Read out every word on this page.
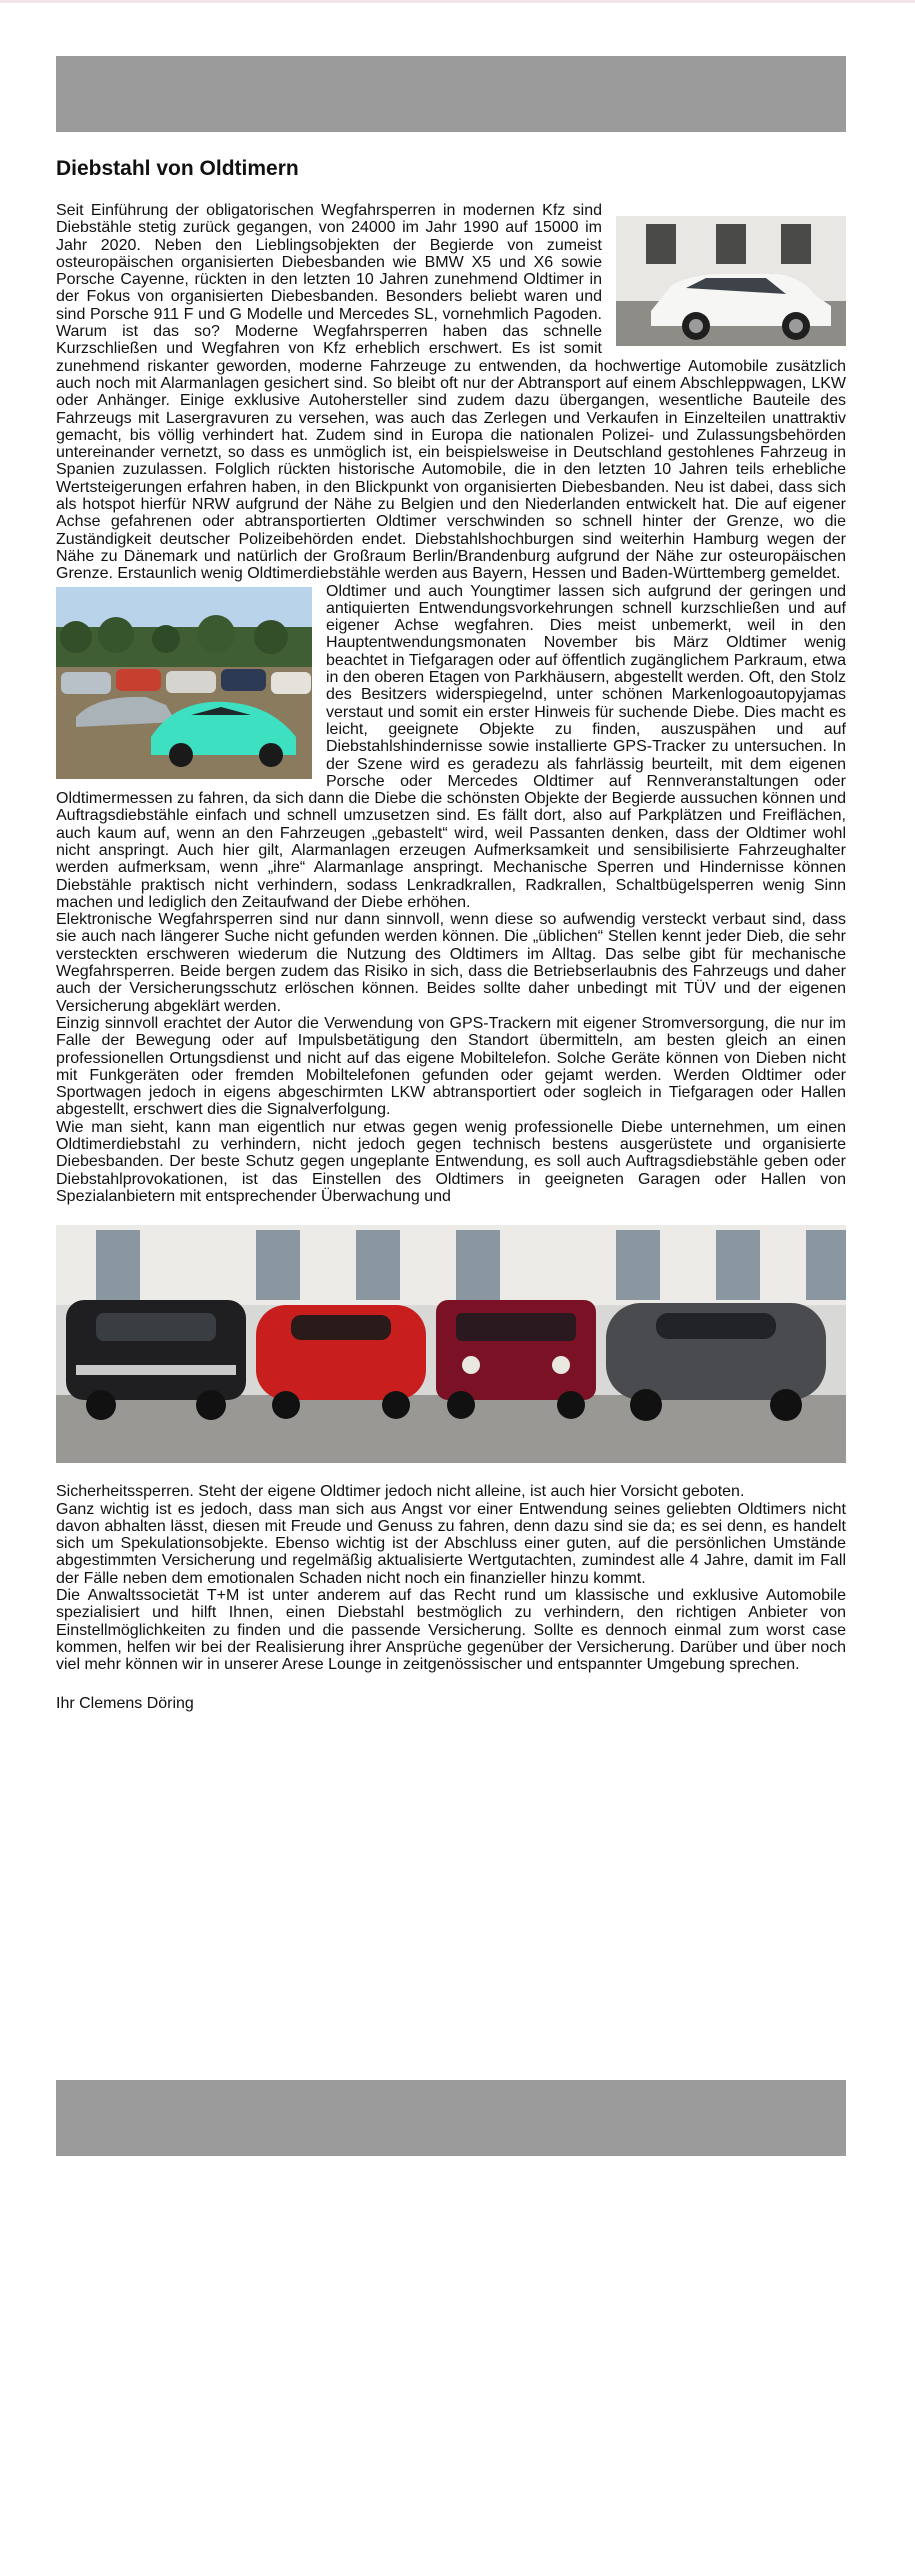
Diebstahl von Oldtimern

Seit Einführung der obligatorischen Wegfahrsperren in modernen Kfz sind Diebstähle stetig zurück gegangen, von 24000 im Jahr 1990 auf 15000 im Jahr 2020. Neben den Lieblingsobjekten der Begierde von zumeist osteuropäischen organisierten Diebesbanden wie BMW X5 und X6 sowie Porsche Cayenne, rückten in den letzten 10 Jahren zunehmend Oldtimer in der Fokus von organisierten Diebesbanden. Besonders beliebt waren und sind Porsche 911 F und G Modelle und Mercedes SL, vornehmlich Pagoden. Warum ist das so? Moderne Wegfahrsperren haben das schnelle Kurzschließen und Wegfahren von Kfz erheblich erschwert. Es ist somit zunehmend riskanter geworden, moderne Fahrzeuge zu entwenden, da hochwertige Automobile zusätzlich auch noch mit Alarmanlagen gesichert sind. So bleibt oft nur der Abtransport auf einem Abschleppwagen, LKW oder Anhänger. Einige exklusive Autohersteller sind zudem dazu übergangen, wesentliche Bauteile des Fahrzeugs mit Lasergravuren zu versehen, was auch das Zerlegen und Verkaufen in Einzelteilen unattraktiv gemacht, bis völlig verhindert hat. Zudem sind in Europa die nationalen Polizei- und Zulassungsbehörden untereinander vernetzt, so dass es unmöglich ist, ein beispielsweise in Deutschland gestohlenes Fahrzeug in Spanien zuzulassen. Folglich rückten historische Automobile, die in den letzten 10 Jahren teils erhebliche Wertsteigerungen erfahren haben, in den Blickpunkt von organisierten Diebesbanden. Neu ist dabei, dass sich als hotspot hierfür NRW aufgrund der Nähe zu Belgien und den Niederlanden entwickelt hat. Die auf eigener Achse gefahrenen oder abtransportierten Oldtimer verschwinden so schnell hinter der Grenze, wo die Zuständigkeit deutscher Polizeibehörden endet. Diebstahlshochburgen sind weiterhin Hamburg wegen der Nähe zu Dänemark und natürlich der Großraum Berlin/Brandenburg aufgrund der Nähe zur osteuropäischen Grenze. Erstaunlich wenig Oldtimerdiebstähle werden aus Bayern, Hessen und Baden-Württemberg gemeldet.

Oldtimer und auch Youngtimer lassen sich aufgrund der geringen und antiquierten Entwendungsvorkehrungen schnell kurzschließen und auf eigener Achse wegfahren. Dies meist unbemerkt, weil in den Hauptentwendungsmonaten November bis März Oldtimer wenig beachtet in Tiefgaragen oder auf öffentlich zugänglichem Parkraum, etwa in den oberen Etagen von Parkhäusern, abgestellt werden. Oft, den Stolz des Besitzers widerspiegelnd, unter schönen Markenlogoautopyjamas verstaut und somit ein erster Hinweis für suchende Diebe. Dies macht es leicht, geeignete Objekte zu finden, auszuspähen und auf Diebstahlshindernisse sowie installierte GPS-Tracker zu untersuchen. In der Szene wird es geradezu als fahrlässig beurteilt, mit dem eigenen Porsche oder Mercedes Oldtimer auf Rennveranstaltungen oder Oldtimermessen zu fahren, da sich dann die Diebe die schönsten Objekte der Begierde aussuchen können und Auftragsdiebstähle einfach und schnell umzusetzen sind. Es fällt dort, also auf Parkplätzen und Freiflächen, auch kaum auf, wenn an den Fahrzeugen „gebastelt“ wird, weil Passanten denken, dass der Oldtimer wohl nicht anspringt. Auch hier gilt, Alarmanlagen erzeugen Aufmerksamkeit und sensibilisierte Fahrzeughalter werden aufmerksam, wenn „ihre“ Alarmanlage anspringt. Mechanische Sperren und Hindernisse können Diebstähle praktisch nicht verhindern, sodass Lenkradkrallen, Radkrallen, Schaltbügelsperren wenig Sinn machen und lediglich den Zeitaufwand der Diebe erhöhen.

Elektronische Wegfahrsperren sind nur dann sinnvoll, wenn diese so aufwendig versteckt verbaut sind, dass sie auch nach längerer Suche nicht gefunden werden können. Die „üblichen“ Stellen kennt jeder Dieb, die sehr versteckten erschweren wiederum die Nutzung des Oldtimers im Alltag. Das selbe gibt für mechanische Wegfahrsperren. Beide bergen zudem das Risiko in sich, dass die Betriebserlaubnis des Fahrzeugs und daher auch der Versicherungsschutz erlöschen können. Beides sollte daher unbedingt mit TÜV und der eigenen Versicherung abgeklärt werden.

Einzig sinnvoll erachtet der Autor die Verwendung von GPS-Trackern mit eigener Stromversorgung, die nur im Falle der Bewegung oder auf Impulsbetätigung den Standort übermitteln, am besten gleich an einen professionellen Ortungsdienst und nicht auf das eigene Mobiltelefon. Solche Geräte können von Dieben nicht mit Funkgeräten oder fremden Mobiltelefonen gefunden oder gejamt werden. Werden Oldtimer oder Sportwagen jedoch in eigens abgeschirmten LKW abtransportiert oder sogleich in Tiefgaragen oder Hallen abgestellt, erschwert dies die Signalverfolgung.

Wie man sieht, kann man eigentlich nur etwas gegen wenig professionelle Diebe unternehmen, um einen Oldtimerdiebstahl zu verhindern, nicht jedoch gegen technisch bestens ausgerüstete und organisierte Diebesbanden. Der beste Schutz gegen ungeplante Entwendung, es soll auch Auftragsdiebstähle geben oder Diebstahlprovokationen, ist das Einstellen des Oldtimers in geeigneten Garagen oder Hallen von Spezialanbietern mit entsprechender Überwachung und

Sicherheitssperren. Steht der eigene Oldtimer jedoch nicht alleine, ist auch hier Vorsicht geboten.

Ganz wichtig ist es jedoch, dass man sich aus Angst vor einer Entwendung seines geliebten Oldtimers nicht davon abhalten lässt, diesen mit Freude und Genuss zu fahren, denn dazu sind sie da; es sei denn, es handelt sich um Spekulationsobjekte. Ebenso wichtig ist der Abschluss einer guten, auf die persönlichen Umstände abgestimmten Versicherung und regelmäßig aktualisierte Wertgutachten, zumindest alle 4 Jahre, damit im Fall der Fälle neben dem emotionalen Schaden nicht noch ein finanzieller hinzu kommt.

Die Anwaltssocietät T+M ist unter anderem auf das Recht rund um klassische und exklusive Automobile spezialisiert und hilft Ihnen, einen Diebstahl bestmöglich zu verhindern, den richtigen Anbieter von Einstellmöglichkeiten zu finden und die passende Versicherung. Sollte es dennoch einmal zum worst case kommen, helfen wir bei der Realisierung ihrer Ansprüche gegenüber der Versicherung. Darüber und über noch viel mehr können wir in unserer Arese Lounge in zeitgenössischer und entspannter Umgebung sprechen.

Ihr Clemens Döring
